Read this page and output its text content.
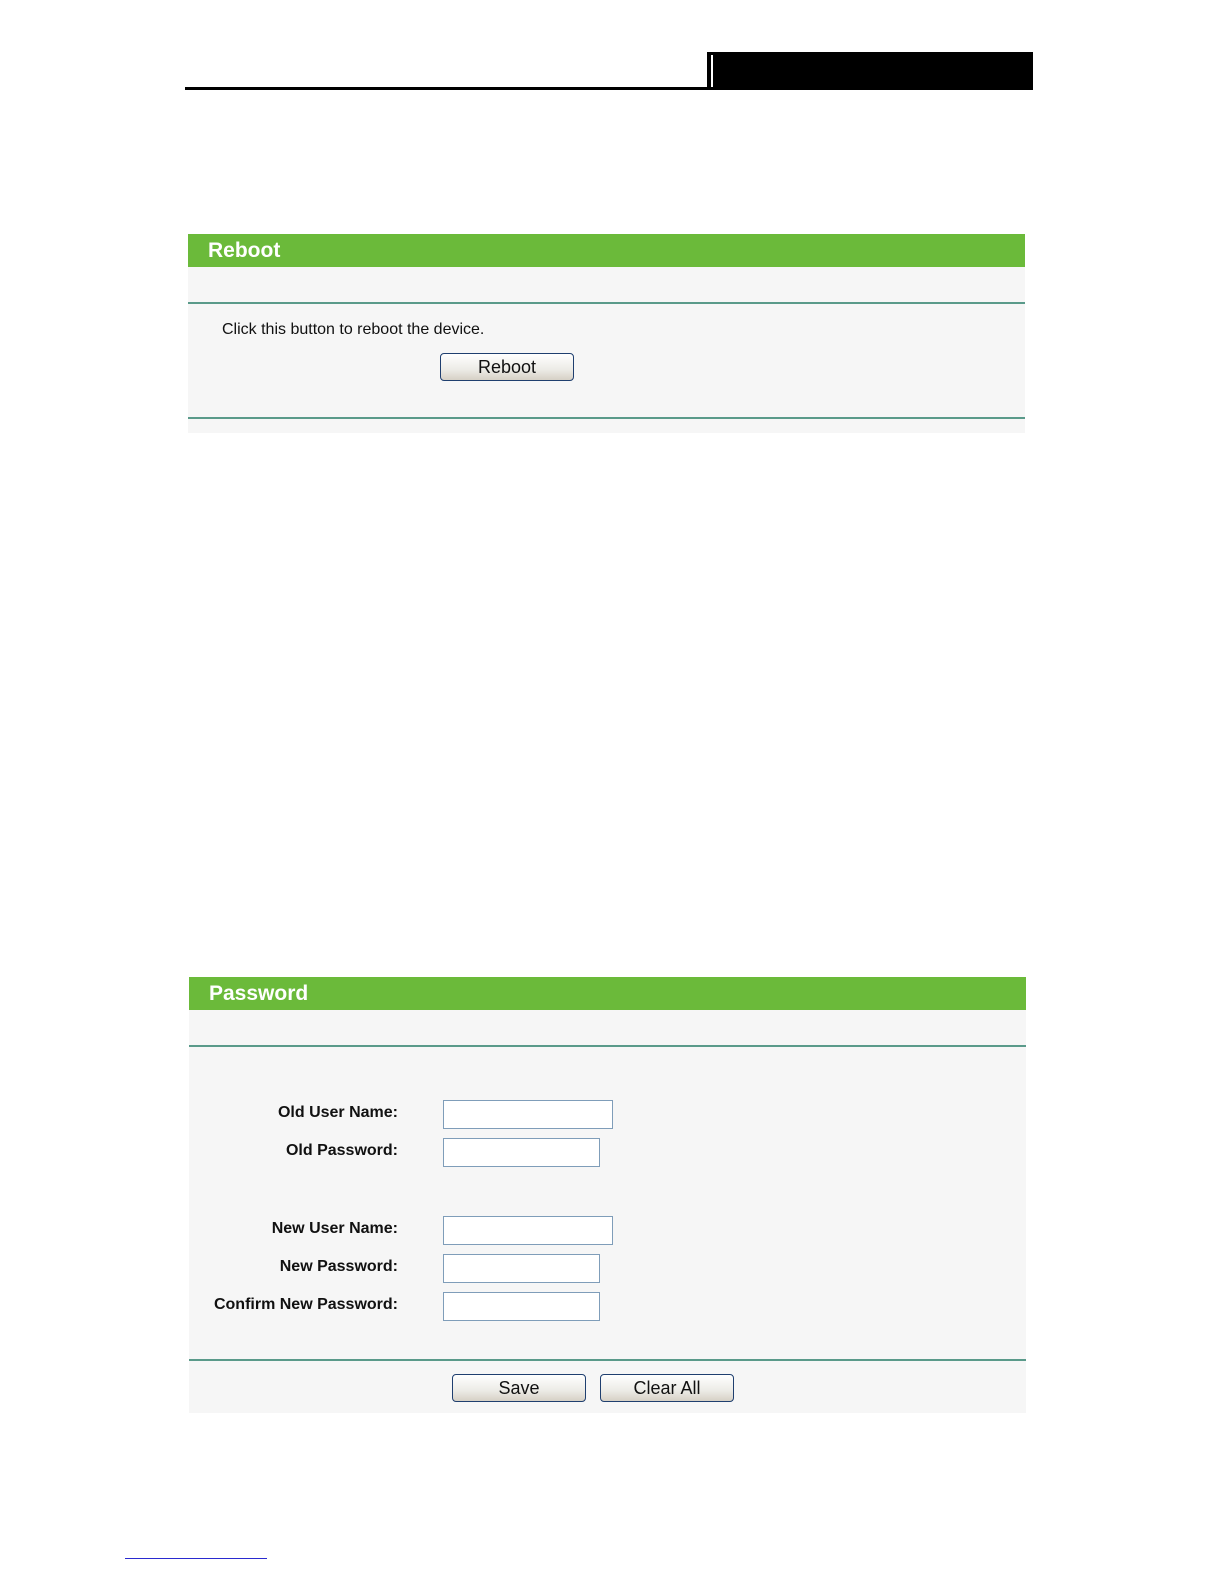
Reboot
Click this button to reboot the device.
Reboot
Password
Old User Name:
Old Password:
New User Name:
New Password:
Confirm New Password:
Save	Clear All
